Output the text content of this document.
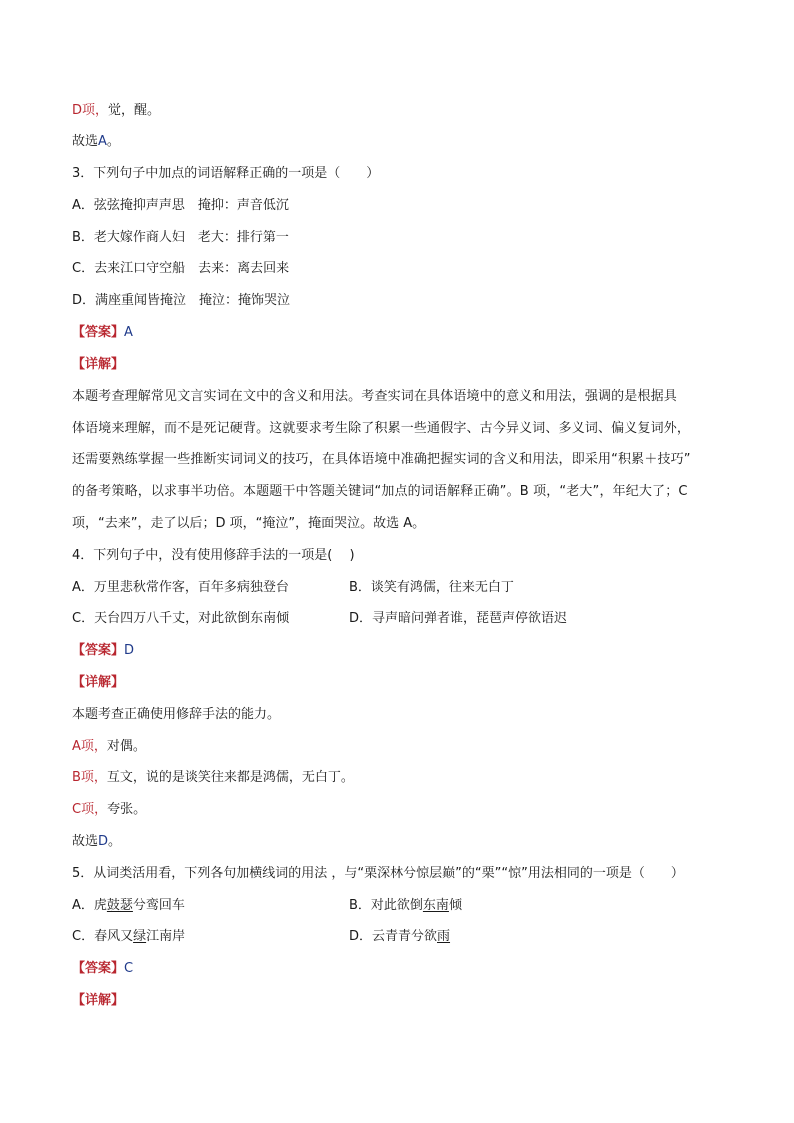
D项，觉，醒。
故选A。
3．下列句子中加点的词语解释正确的一项是（　　）
A．弦弦掩抑声声思　掩抑：声音低沉
B．老大嫁作商人妇　老大：排行第一
C．去来江口守空船　去来：离去回来
D．满座重闻皆掩泣　掩泣：掩饰哭泣
【答案】A
【详解】
本题考查理解常见文言实词在文中的含义和用法。考查实词在具体语境中的意义和用法，强调的是根据具
体语境来理解，而不是死记硬背。这就要求考生除了积累一些通假字、古今异义词、多义词、偏义复词外，
还需要熟练掌握一些推断实词词义的技巧，在具体语境中准确把握实词的含义和用法，即采用“积累＋技巧”
的备考策略，以求事半功倍。本题题干中答题关键词“加点的词语解释正确”。B 项，“老大”，年纪大了；C
项，“去来”，走了以后；D 项，“掩泣”，掩面哭泣。故选 A。
4．下列句子中，没有使用修辞手法的一项是(　 )
A．万里悲秋常作客，百年多病独登台	B．谈笑有鸿儒，往来无白丁
C．天台四万八千丈，对此欲倒东南倾	D．寻声暗问弹者谁，琵琶声停欲语迟
【答案】D
【详解】
本题考查正确使用修辞手法的能力。
A项，对偶。
B项，互文，说的是谈笑往来都是鸿儒，无白丁。
C项，夸张。
故选D。
5．从词类活用看，下列各句加横线词的用法 ，与“栗深林兮惊层巅”的“栗”“惊”用法相同的一项是（　　）
A．虎鼓瑟兮鸾回车	B．对此欲倒东南倾
C．春风又绿江南岸	D．云青青兮欲雨
【答案】C
【详解】
